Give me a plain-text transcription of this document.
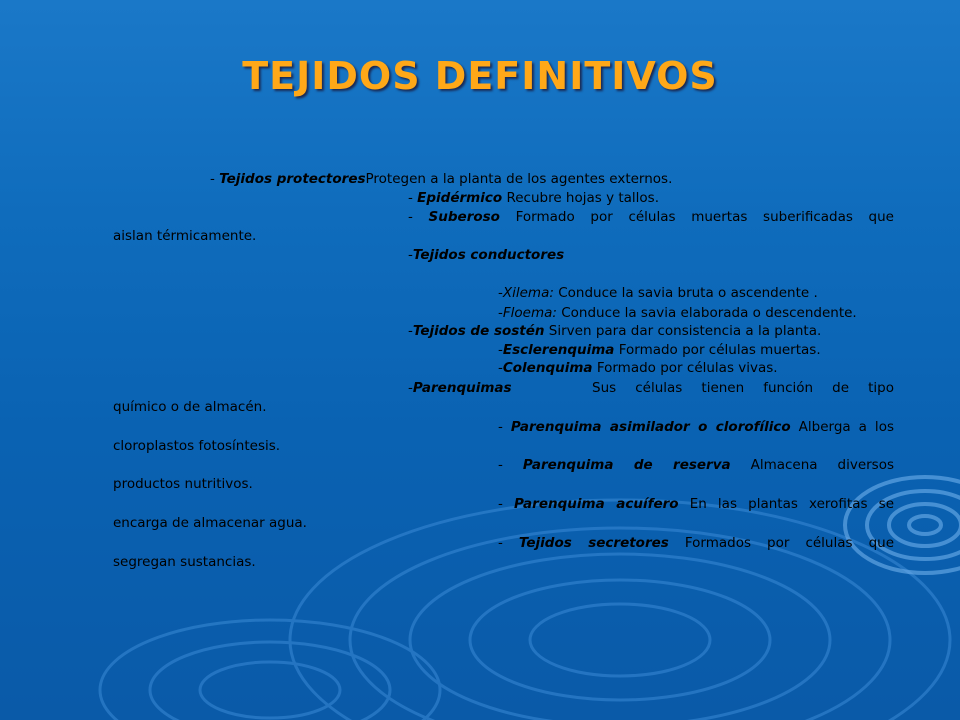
TEJIDOS DEFINITIVOS
- Tejidos protectoresProtegen a la planta de los agentes externos.
- Epidérmico Recubre hojas y tallos.
- Suberoso Formado por células muertas suberificadas que
aislan térmicamente.
-Tejidos conductores
-Xilema: Conduce la savia bruta o ascendente .
-Floema: Conduce la savia elaborada o descendente.
-Tejidos de sostén Sirven para dar consistencia a la planta.
-Esclerenquima Formado por células muertas.
-Colenquima Formado por células vivas.
-Parenquimas	Sus células tienen función de tipo
químico o de almacén.
- Parenquima asimilador o clorofílico Alberga a los
cloroplastos fotosíntesis.
- Parenquima de reserva Almacena diversos
productos nutritivos.
- Parenquima acuífero En las plantas xerofitas se
encarga de almacenar agua.
- Tejidos secretores Formados por células que
segregan sustancias.
